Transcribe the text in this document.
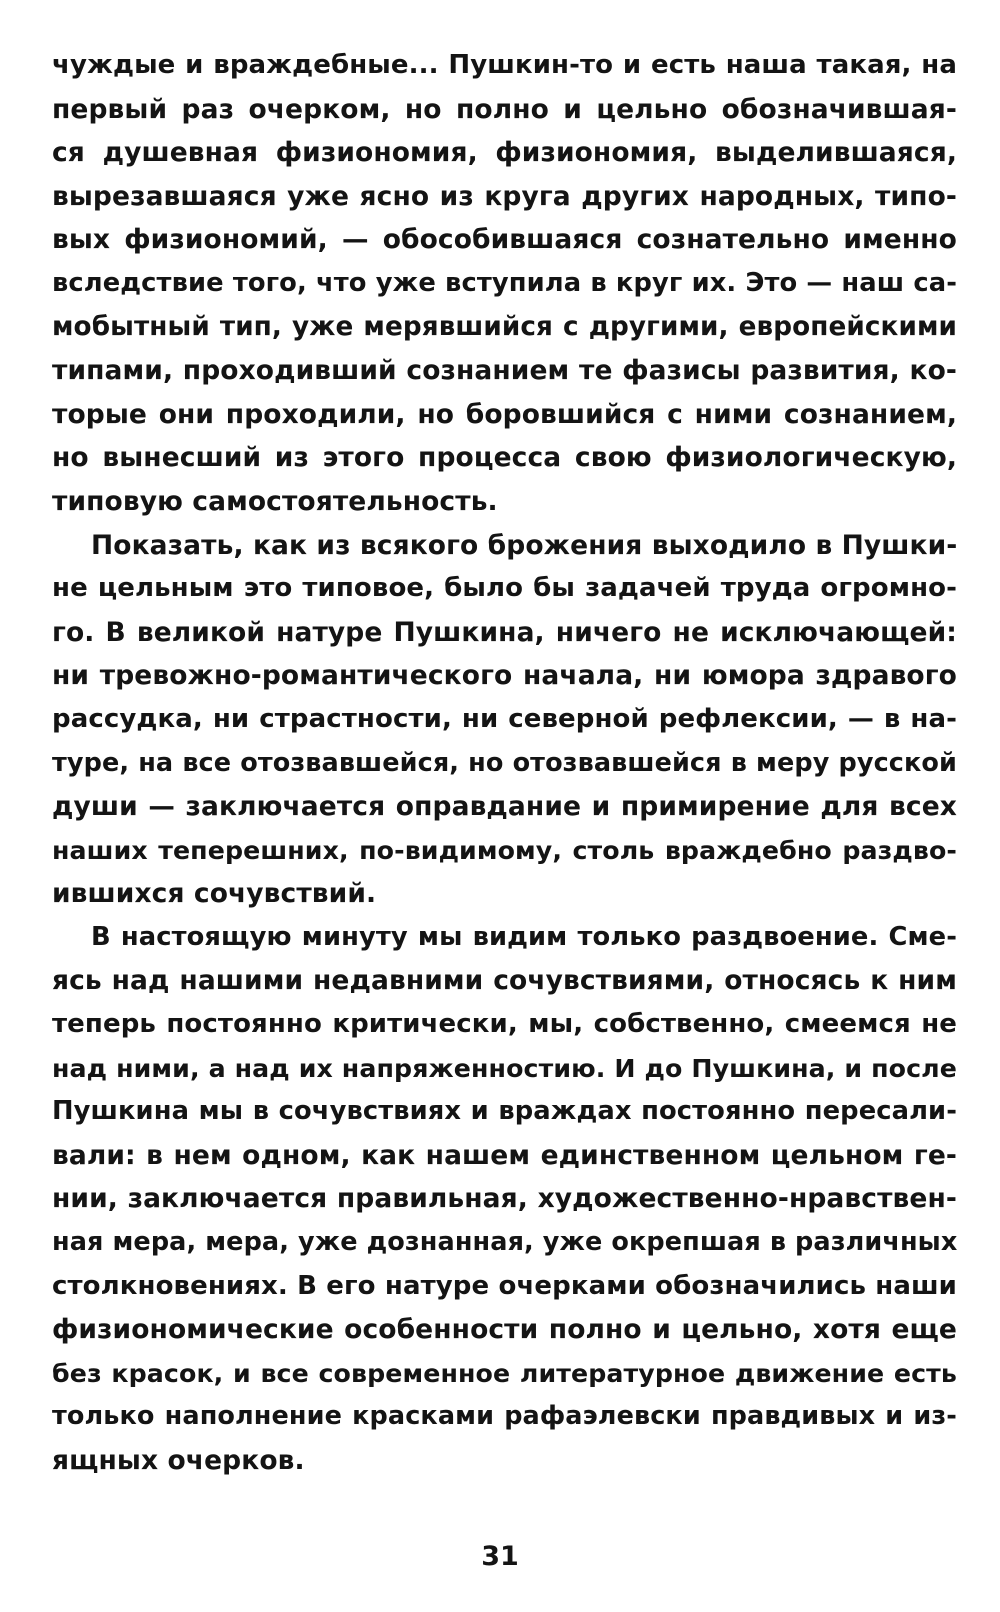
чуждые и враждебные... Пушкин-то и есть наша такая, на
первый раз очерком, но полно и цельно обозначившая-
ся душевная физиономия, физиономия, выделившаяся,
вырезавшаяся уже ясно из круга других народных, типо-
вых физиономий, — обособившаяся сознательно именно
вследствие того, что уже вступила в круг их. Это — наш са-
мобытный тип, уже мерявшийся с другими, европейскими
типами, проходивший сознанием те фазисы развития, ко-
торые они проходили, но боровшийся с ними сознанием,
но вынесший из этого процесса свою физиологическую,
типовую самостоятельность.
Показать, как из всякого брожения выходило в Пушки-
не цельным это типовое, было бы задачей труда огромно-
го. В великой натуре Пушкина, ничего не исключающей:
ни тревожно-романтического начала, ни юмора здравого
рассудка, ни страстности, ни северной рефлексии, — в на-
туре, на все отозвавшейся, но отозвавшейся в меру русской
души — заключается оправдание и примирение для всех
наших теперешних, по-видимому, столь враждебно раздво-
ившихся сочувствий.
В настоящую минуту мы видим только раздвоение. Сме-
ясь над нашими недавними сочувствиями, относясь к ним
теперь постоянно критически, мы, собственно, смеемся не
над ними, а над их напряженностию. И до Пушкина, и после
Пушкина мы в сочувствиях и враждах постоянно пересали-
вали: в нем одном, как нашем единственном цельном ге-
нии, заключается правильная, художественно-нравствен-
ная мера, мера, уже дознанная, уже окрепшая в различных
столкновениях. В его натуре очерками обозначились наши
физиономические особенности полно и цельно, хотя еще
без красок, и все современное литературное движение есть
только наполнение красками рафаэлевски правдивых и из-
ящных очерков.
31
